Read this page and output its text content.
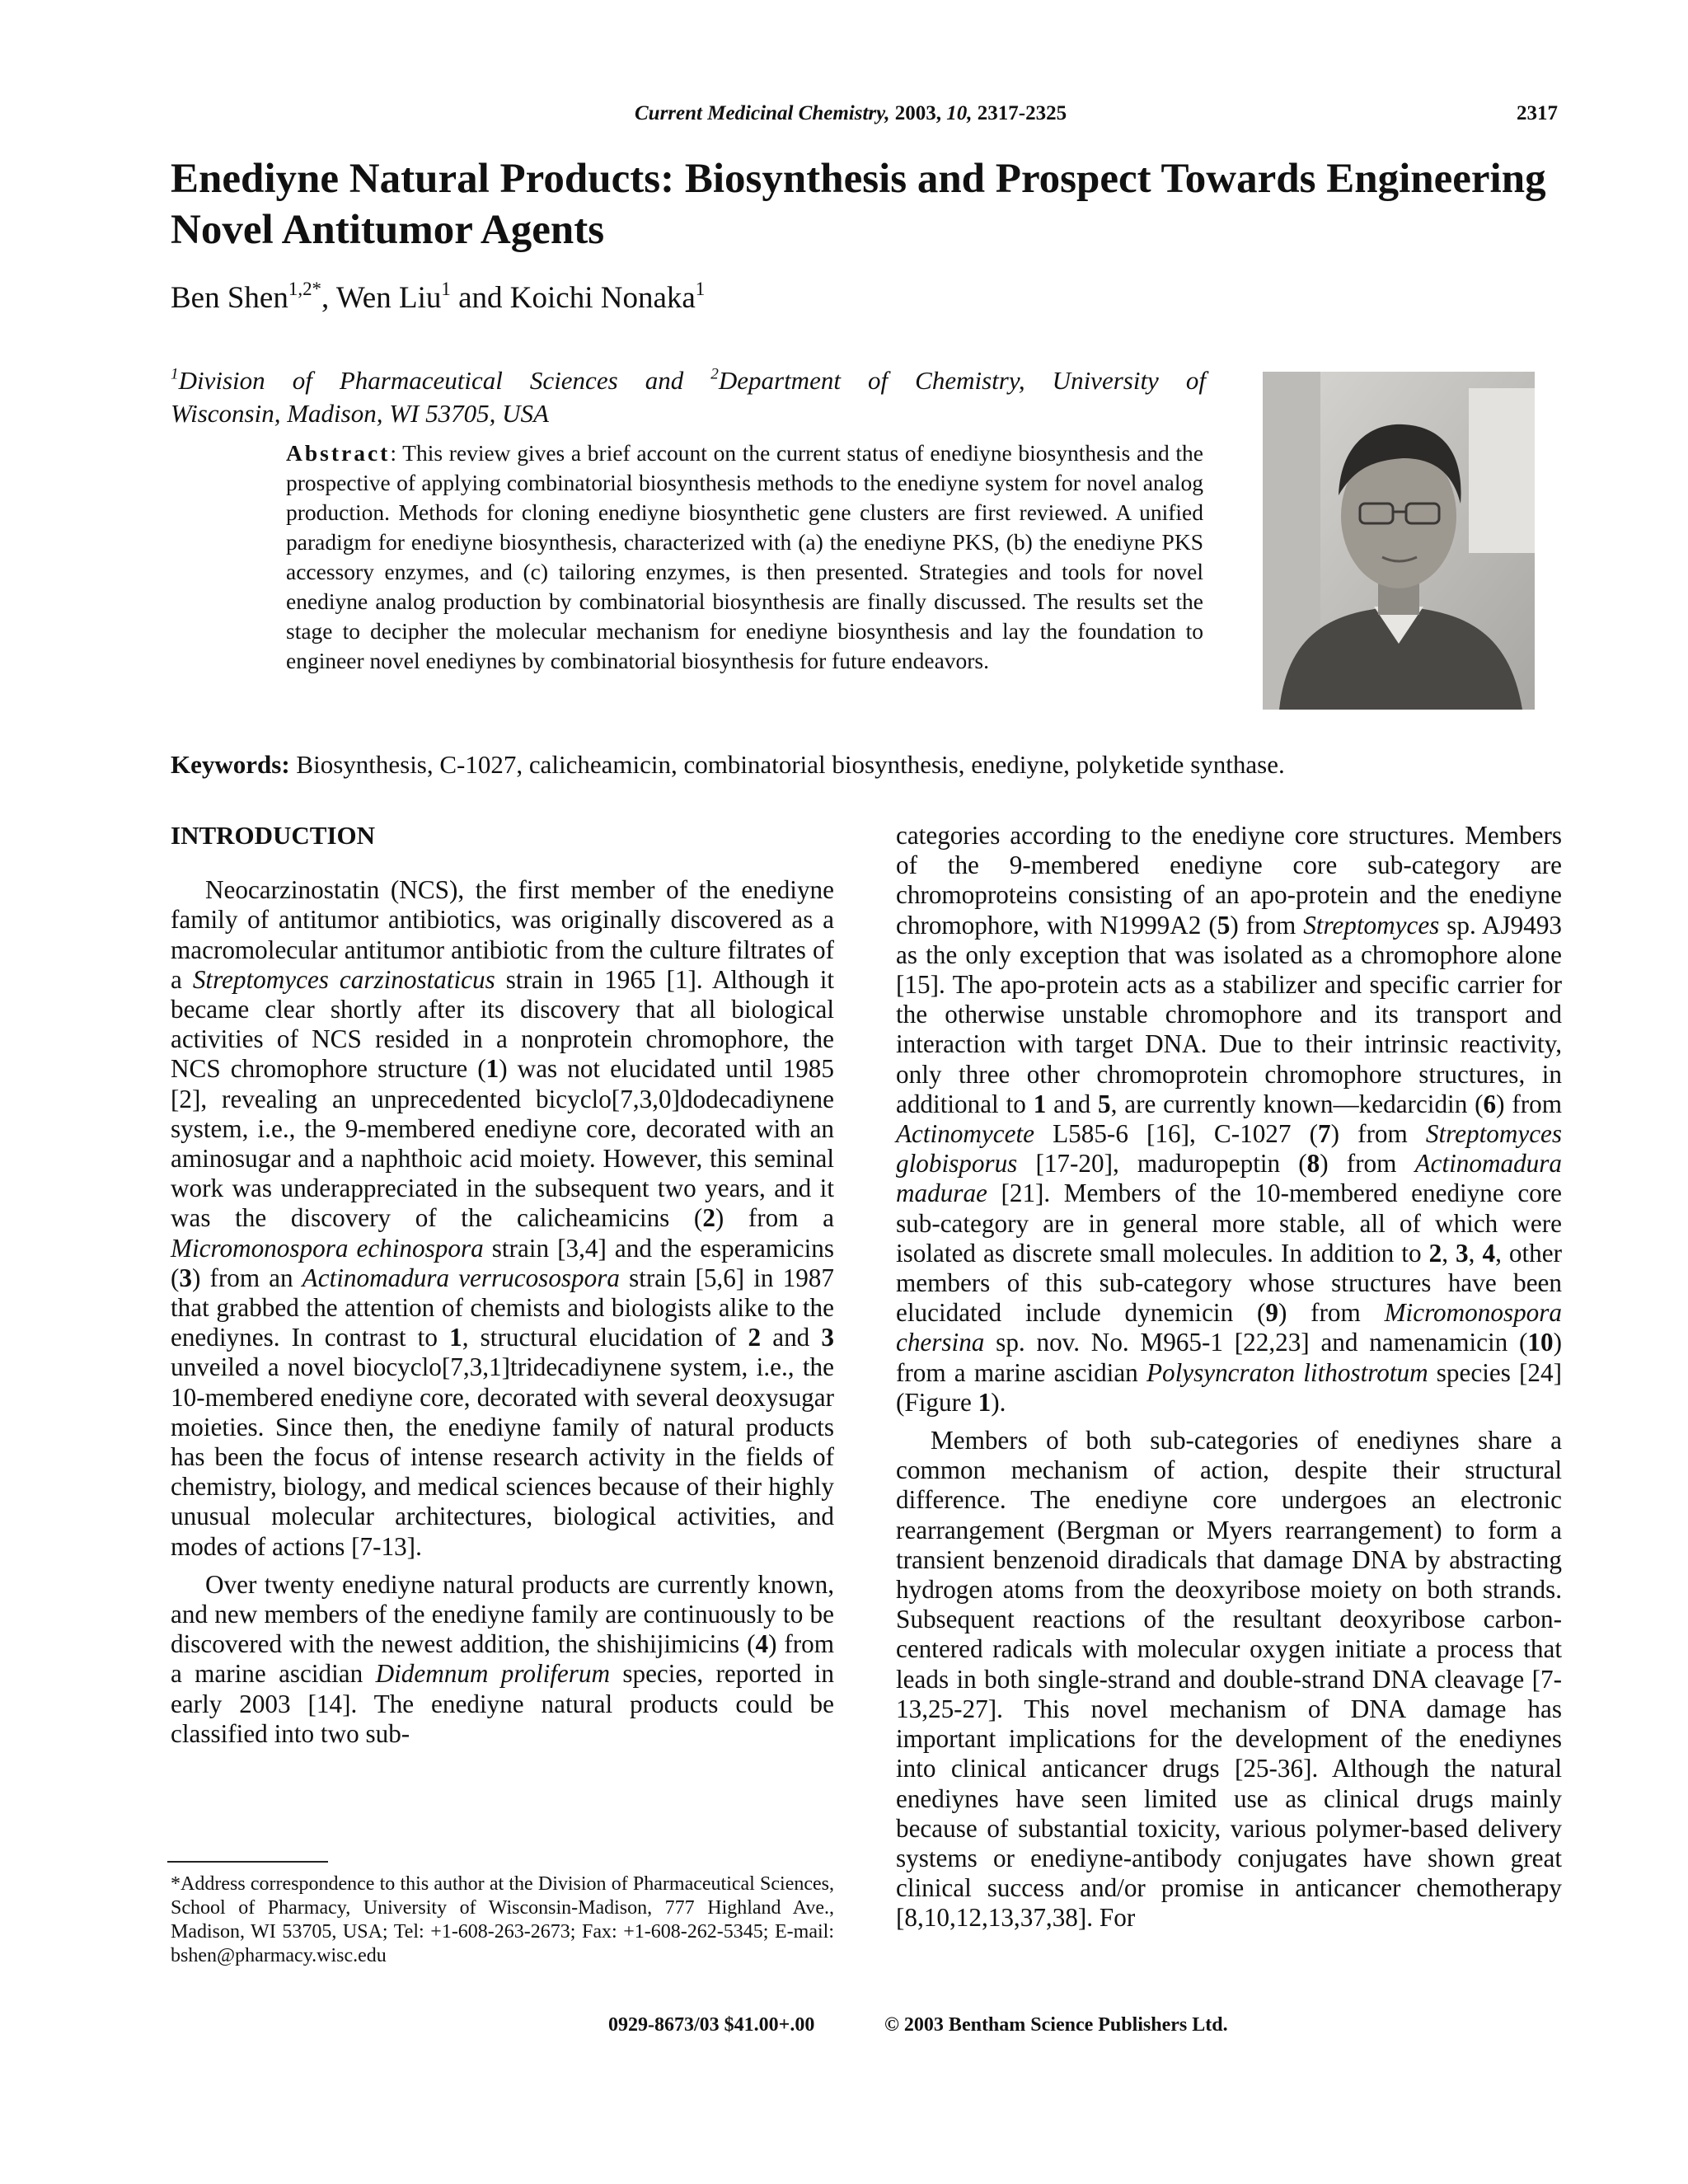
Current Medicinal Chemistry, 2003, 10, 2317-2325	2317
Enediyne Natural Products: Biosynthesis and Prospect Towards Engineering Novel Antitumor Agents
Ben Shen$^{1,2*}$, Wen Liu$^1$ and Koichi Nonaka$^1$
$^1$Division of Pharmaceutical Sciences and $^2$Department of Chemistry, University of
Wisconsin, Madison, WI 53705, USA
Abstract: This review gives a brief account on the current status of enediyne biosynthesis and the prospective of applying combinatorial biosynthesis methods to the enediyne system for novel analog production. Methods for cloning enediyne biosynthetic gene clusters are first reviewed. A unified paradigm for enediyne biosynthesis, characterized with (a) the enediyne PKS, (b) the enediyne PKS accessory enzymes, and (c) tailoring enzymes, is then presented. Strategies and tools for novel enediyne analog production by combinatorial biosynthesis are finally discussed. The results set the stage to decipher the molecular mechanism for enediyne biosynthesis and lay the foundation to engineer novel enediynes by combinatorial biosynthesis for future endeavors.
Keywords: Biosynthesis, C-1027, calicheamicin, combinatorial biosynthesis, enediyne, polyketide synthase.
INTRODUCTION

Neocarzinostatin (NCS), the first member of the enediyne family of antitumor antibiotics, was originally discovered as a macromolecular antitumor antibiotic from the culture filtrates of a Streptomyces carzinostaticus strain in 1965 [1]. Although it became clear shortly after its discovery that all biological activities of NCS resided in a nonprotein chromophore, the NCS chromophore structure (1) was not elucidated until 1985 [2], revealing an unprecedented bicyclo[7,3,0]dodecadiynene system, i.e., the 9-membered enediyne core, decorated with an aminosugar and a naphthoic acid moiety. However, this seminal work was underappreciated in the subsequent two years, and it was the discovery of the calicheamicins (2) from a Micromonospora echinospora strain [3,4] and the esperamicins (3) from an Actinomadura verrucosospora strain [5,6] in 1987 that grabbed the attention of chemists and biologists alike to the enediynes. In contrast to 1, structural elucidation of 2 and 3 unveiled a novel biocyclo[7,3,1]tridecadiynene system, i.e., the 10-membered enediyne core, decorated with several deoxysugar moieties. Since then, the enediyne family of natural products has been the focus of intense research activity in the fields of chemistry, biology, and medical sciences because of their highly unusual molecular architectures, biological activities, and modes of actions [7-13].

Over twenty enediyne natural products are currently known, and new members of the enediyne family are continuously to be discovered with the newest addition, the shishijimicins (4) from a marine ascidian Didemnum proliferum species, reported in early 2003 [14]. The enediyne natural products could be classified into two sub-

categories according to the enediyne core structures. Members of the 9-membered enediyne core sub-category are chromoproteins consisting of an apo-protein and the enediyne chromophore, with N1999A2 (5) from Streptomyces sp. AJ9493 as the only exception that was isolated as a chromophore alone [15]. The apo-protein acts as a stabilizer and specific carrier for the otherwise unstable chromophore and its transport and interaction with target DNA. Due to their intrinsic reactivity, only three other chromoprotein chromophore structures, in additional to 1 and 5, are currently known—kedarcidin (6) from Actinomycete L585-6 [16], C-1027 (7) from Streptomyces globisporus [17-20], maduropeptin (8) from Actinomadura madurae [21]. Members of the 10-membered enediyne core sub-category are in general more stable, all of which were isolated as discrete small molecules. In addition to 2, 3, 4, other members of this sub-category whose structures have been elucidated include dynemicin (9) from Micromonospora chersina sp. nov. No. M965-1 [22,23] and namenamicin (10) from a marine ascidian Polysyncraton lithostrotum species [24] (Figure 1).

Members of both sub-categories of enediynes share a common mechanism of action, despite their structural difference. The enediyne core undergoes an electronic rearrangement (Bergman or Myers rearrangement) to form a transient benzenoid diradicals that damage DNA by abstracting hydrogen atoms from the deoxyribose moiety on both strands. Subsequent reactions of the resultant deoxyribose carbon-centered radicals with molecular oxygen initiate a process that leads in both single-strand and double-strand DNA cleavage [7-13,25-27]. This novel mechanism of DNA damage has important implications for the development of the enediynes into clinical anticancer drugs [25-36]. Although the natural enediynes have seen limited use as clinical drugs mainly because of substantial toxicity, various polymer-based delivery systems or enediyne-antibody conjugates have shown great clinical success and/or promise in anticancer chemotherapy [8,10,12,13,37,38]. For

*Address correspondence to this author at the Division of Pharmaceutical Sciences, School of Pharmacy, University of Wisconsin-Madison, 777 Highland Ave., Madison, WI 53705, USA; Tel: +1-608-263-2673; Fax: +1-608-262-5345; E-mail: bshen@pharmacy.wisc.edu
0929-8673/03 $41.00+.00	© 2003 Bentham Science Publishers Ltd.
